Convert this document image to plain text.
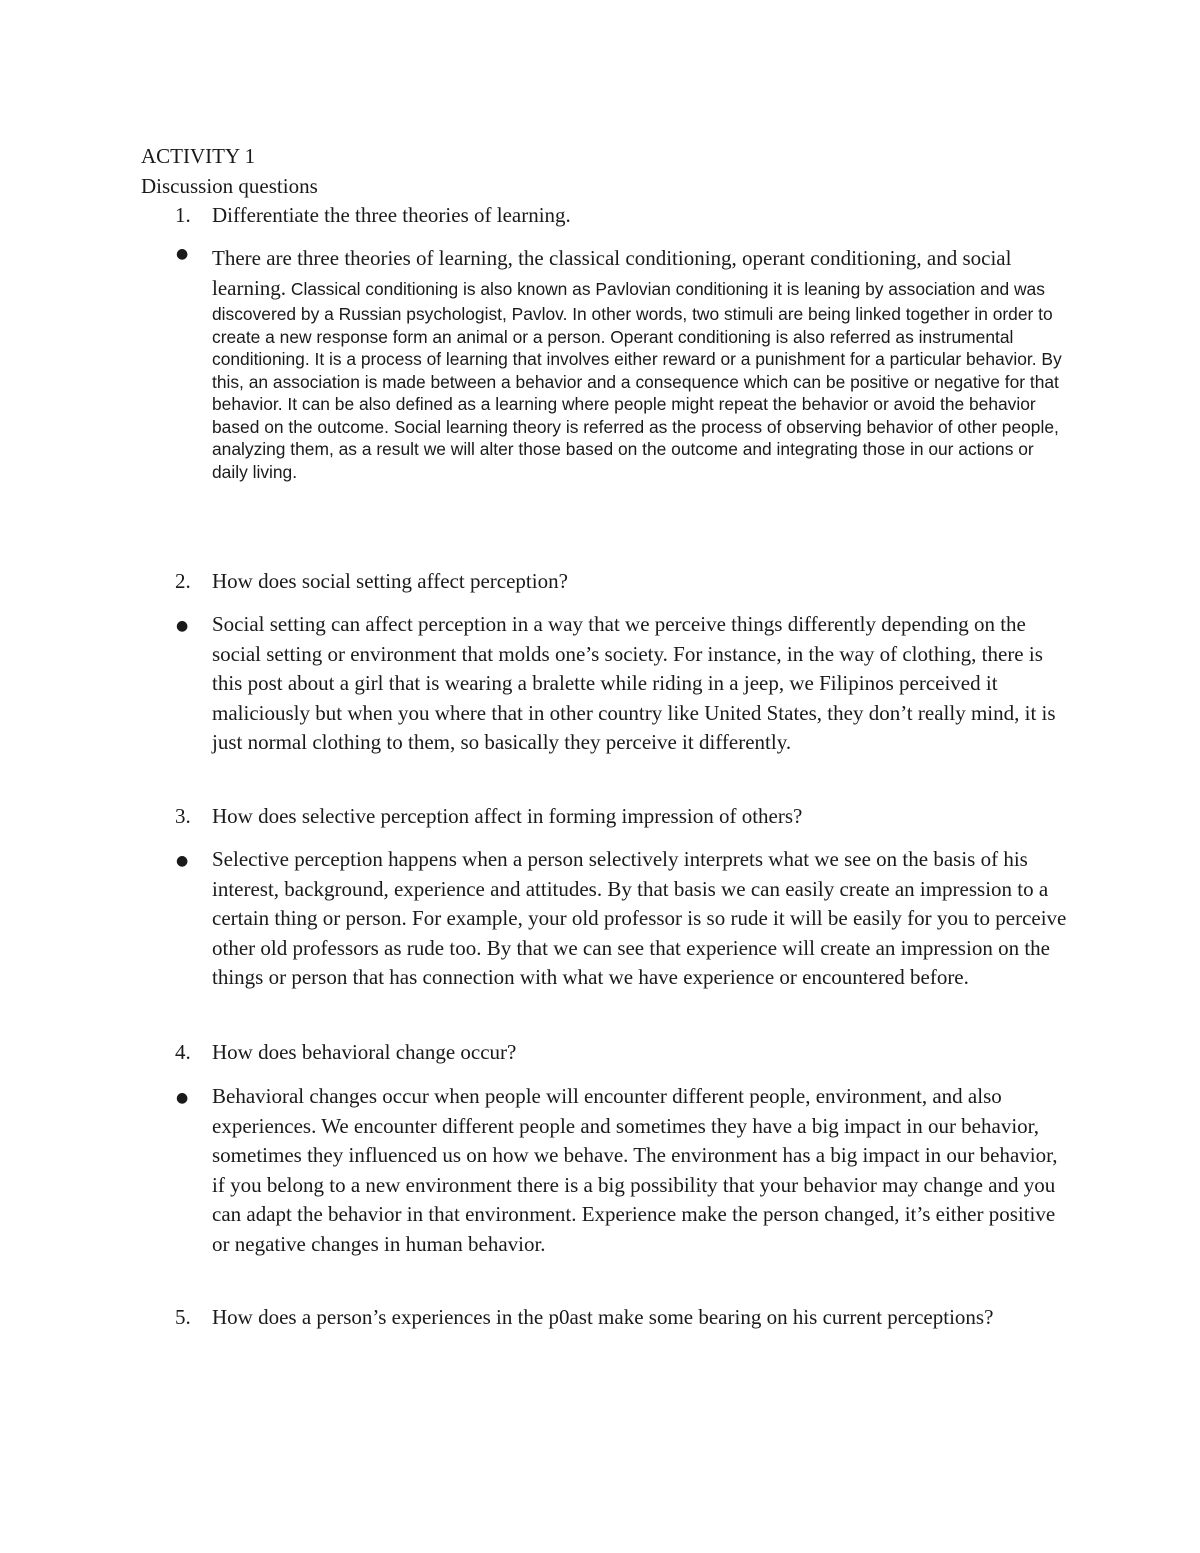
ACTIVITY 1
Discussion questions
1. Differentiate the three theories of learning.
● There are three theories of learning, the classical conditioning, operant conditioning, and social learning. Classical conditioning is also known as Pavlovian conditioning it is leaning by association and was discovered by a Russian psychologist, Pavlov. In other words, two stimuli are being linked together in order to create a new response form an animal or a person. Operant conditioning is also referred as instrumental conditioning. It is a process of learning that involves either reward or a punishment for a particular behavior. By this, an association is made between a behavior and a consequence which can be positive or negative for that behavior. It can be also defined as a learning where people might repeat the behavior or avoid the behavior based on the outcome. Social learning theory is referred as the process of observing behavior of other people, analyzing them, as a result we will alter those based on the outcome and integrating those in our actions or daily living.
2. How does social setting affect perception?
● Social setting can affect perception in a way that we perceive things differently depending on the social setting or environment that molds one’s society. For instance, in the way of clothing, there is this post about a girl that is wearing a bralette while riding in a jeep, we Filipinos perceived it maliciously but when you where that in other country like United States, they don’t really mind, it is just normal clothing to them, so basically they perceive it differently.
3. How does selective perception affect in forming impression of others?
● Selective perception happens when a person selectively interprets what we see on the basis of his interest, background, experience and attitudes. By that basis we can easily create an impression to a certain thing or person. For example, your old professor is so rude it will be easily for you to perceive other old professors as rude too. By that we can see that experience will create an impression on the things or person that has connection with what we have experience or encountered before.
4. How does behavioral change occur?
● Behavioral changes occur when people will encounter different people, environment, and also experiences. We encounter different people and sometimes they have a big impact in our behavior, sometimes they influenced us on how we behave. The environment has a big impact in our behavior, if you belong to a new environment there is a big possibility that your behavior may change and you can adapt the behavior in that environment. Experience make the person changed, it’s either positive or negative changes in human behavior.
5. How does a person’s experiences in the p0ast make some bearing on his current perceptions?
